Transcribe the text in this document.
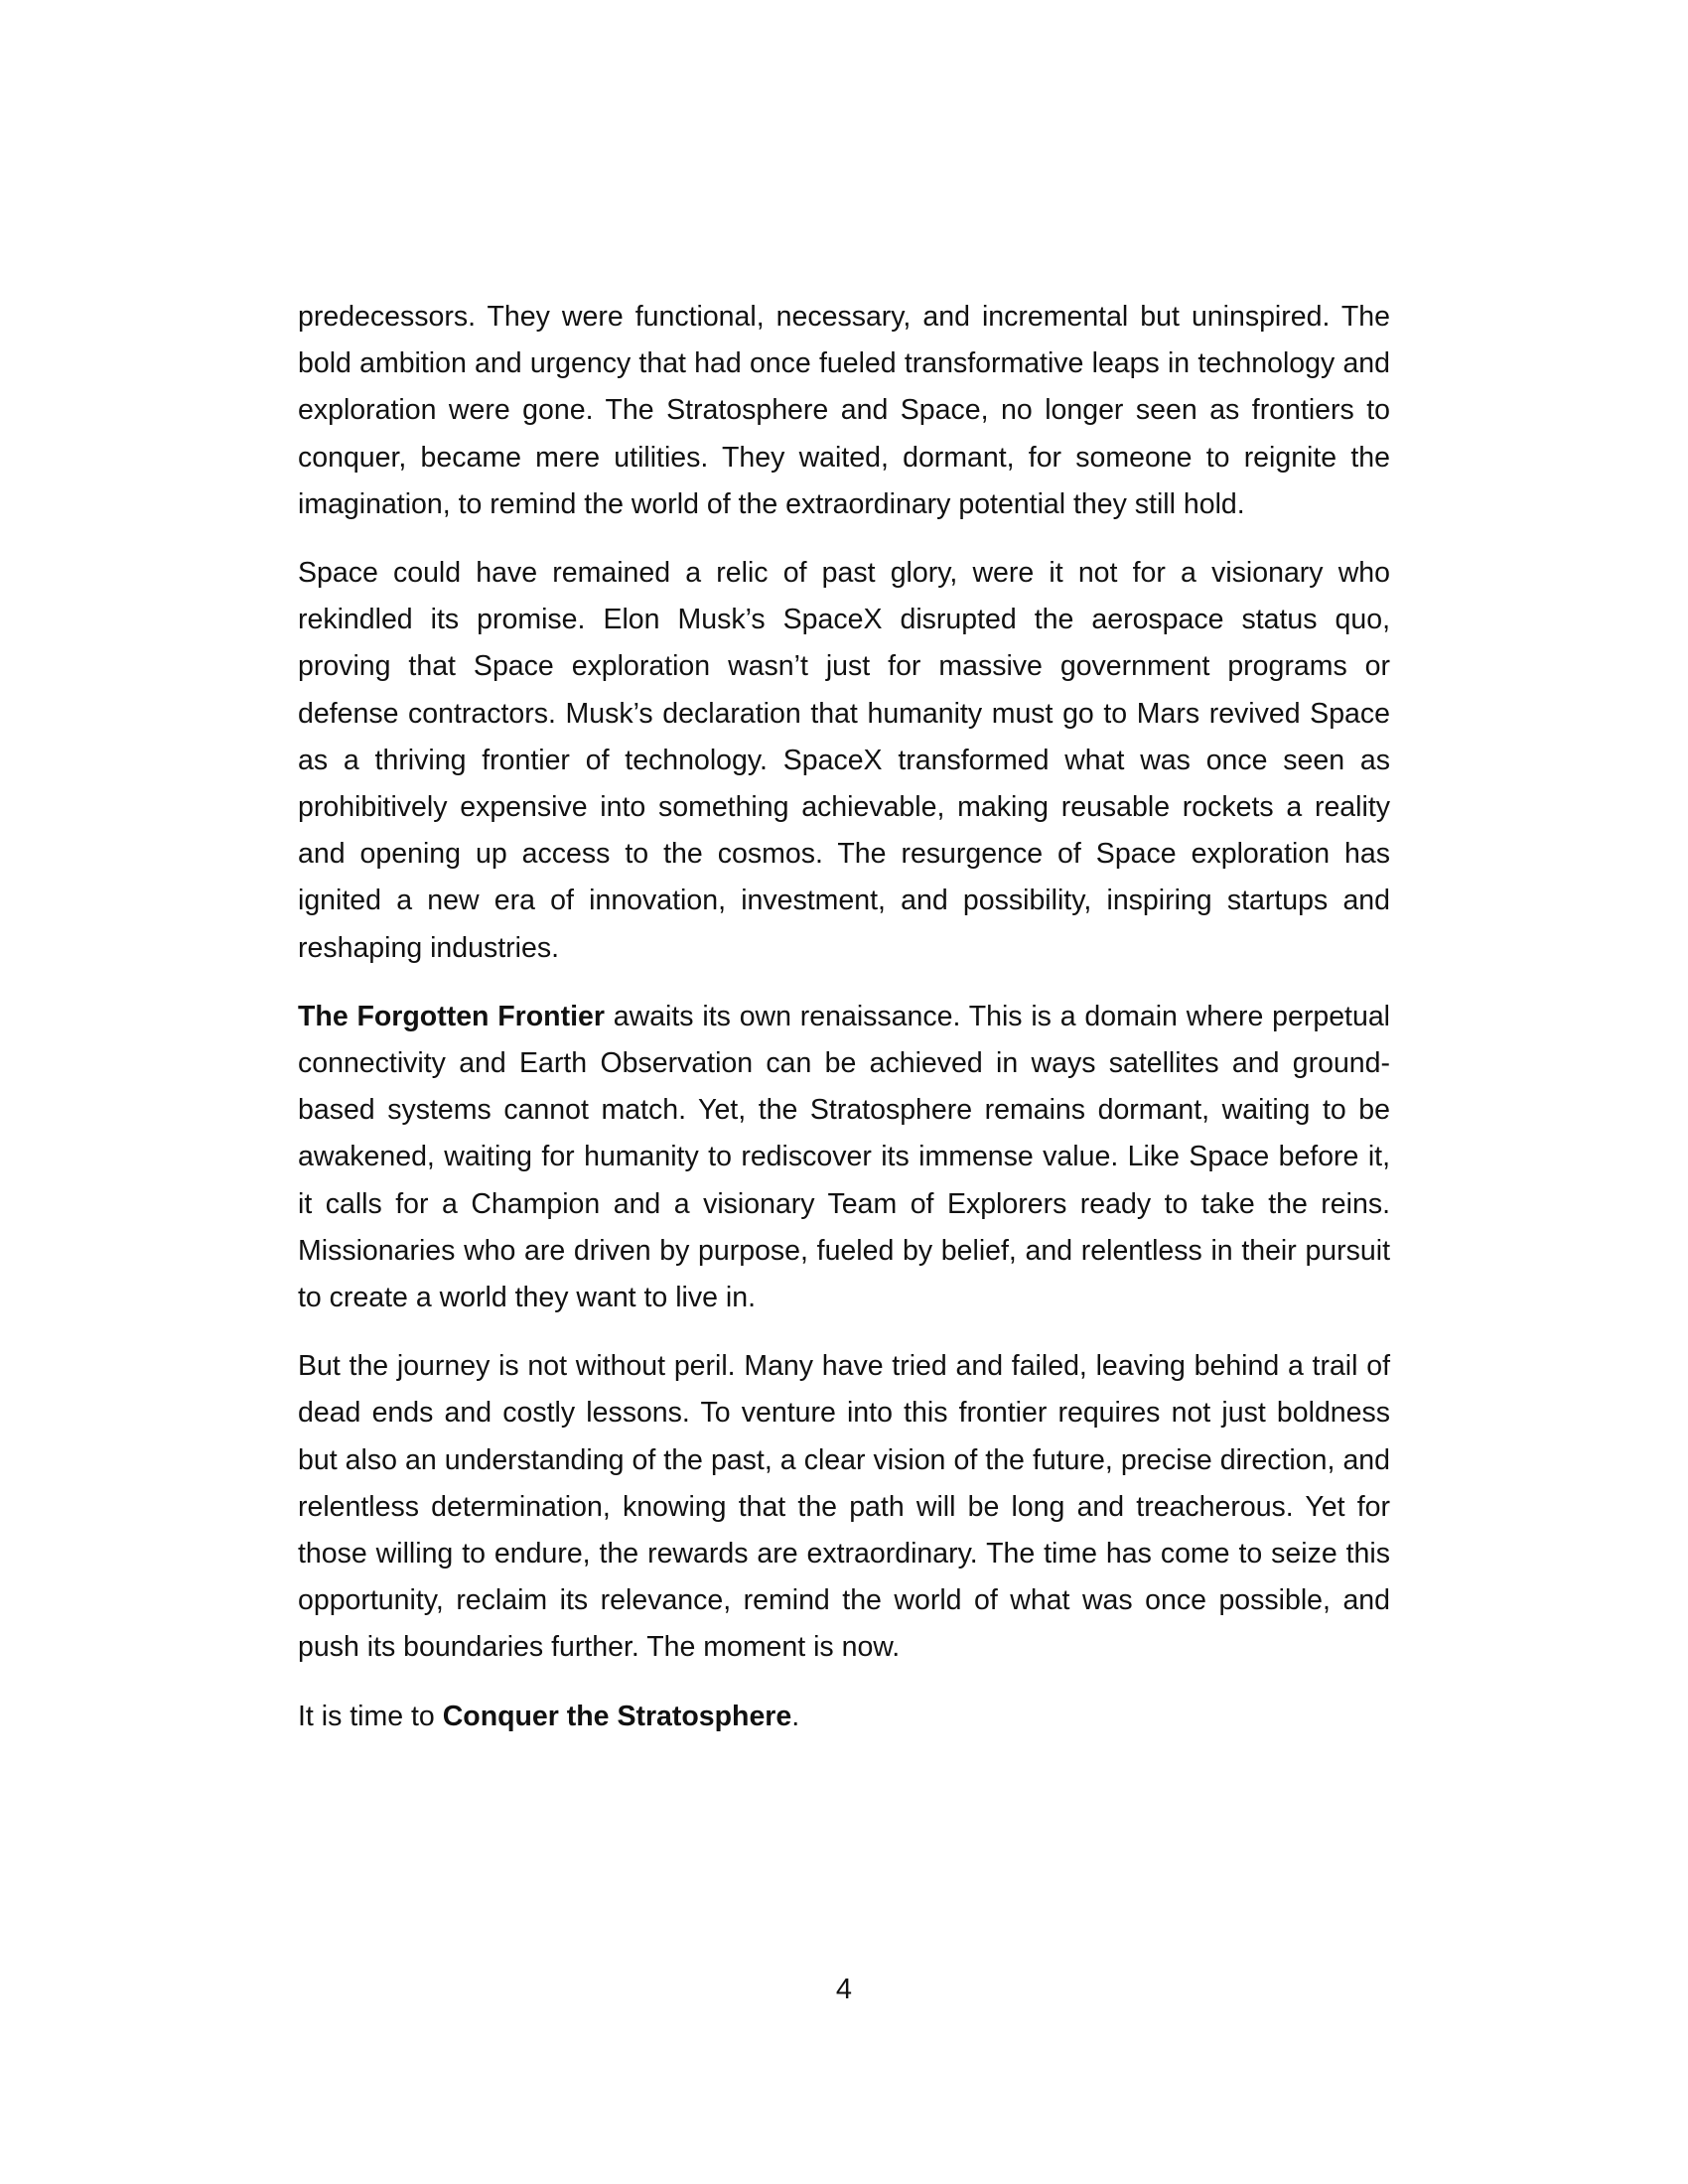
predecessors. They were functional, necessary, and incremental but uninspired. The bold ambition and urgency that had once fueled transformative leaps in technology and exploration were gone. The Stratosphere and Space, no longer seen as frontiers to conquer, became mere utilities. They waited, dormant, for someone to reignite the imagination, to remind the world of the extraordinary potential they still hold.

Space could have remained a relic of past glory, were it not for a visionary who rekindled its promise. Elon Musk’s SpaceX disrupted the aerospace status quo, proving that Space exploration wasn’t just for massive government programs or defense contractors. Musk’s declaration that humanity must go to Mars revived Space as a thriving frontier of technology. SpaceX transformed what was once seen as prohibitively expensive into something achievable, making reusable rockets a reality and opening up access to the cosmos. The resurgence of Space exploration has ignited a new era of innovation, investment, and possibility, inspiring startups and reshaping industries.

The Forgotten Frontier awaits its own renaissance. This is a domain where perpetual connectivity and Earth Observation can be achieved in ways satellites and ground-based systems cannot match. Yet, the Stratosphere remains dormant, waiting to be awakened, waiting for humanity to rediscover its immense value. Like Space before it, it calls for a Champion and a visionary Team of Explorers ready to take the reins. Missionaries who are driven by purpose, fueled by belief, and relentless in their pursuit to create a world they want to live in.

But the journey is not without peril. Many have tried and failed, leaving behind a trail of dead ends and costly lessons. To venture into this frontier requires not just boldness but also an understanding of the past, a clear vision of the future, precise direction, and relentless determination, knowing that the path will be long and treacherous. Yet for those willing to endure, the rewards are extraordinary. The time has come to seize this opportunity, reclaim its relevance, remind the world of what was once possible, and push its boundaries further. The moment is now.

It is time to Conquer the Stratosphere.

4
